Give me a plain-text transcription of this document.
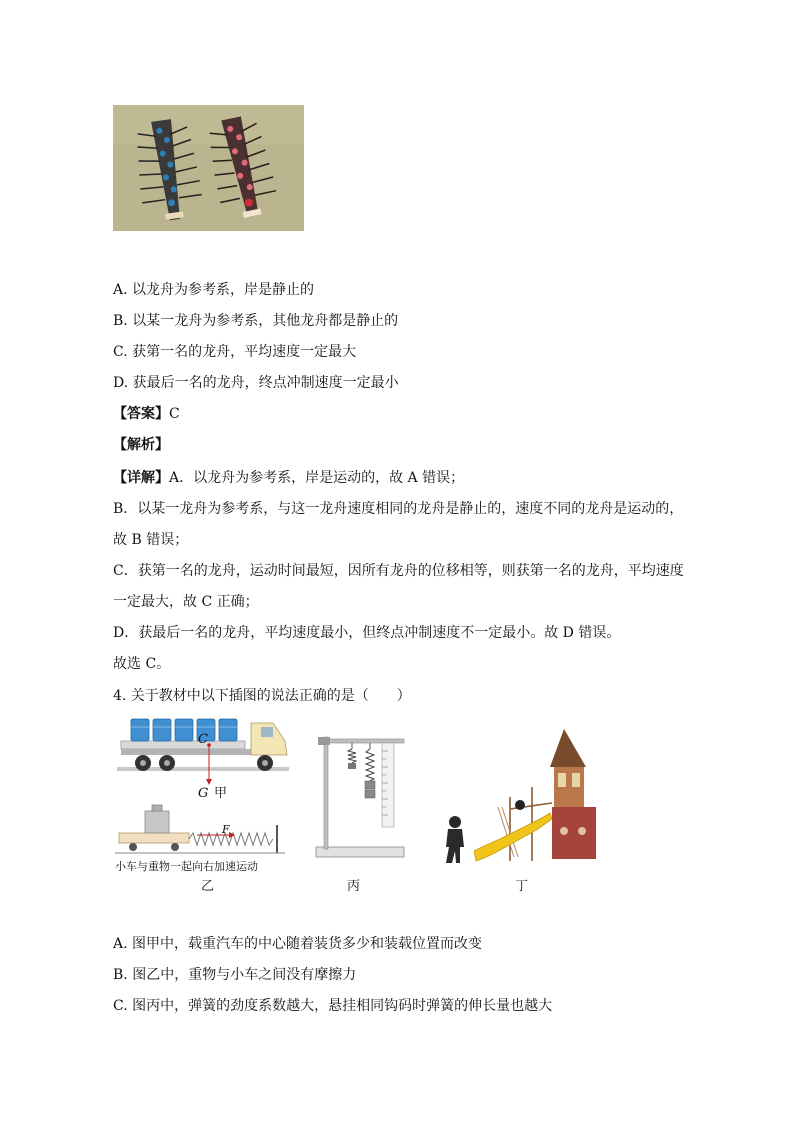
A. 以龙舟为参考系，岸是静止的
B. 以某一龙舟为参考系，其他龙舟都是静止的
C. 获第一名的龙舟，平均速度一定最大
D. 获最后一名的龙舟，终点冲制速度一定最小
【答案】C
【解析】
【详解】A．以龙舟为参考系，岸是运动的，故 A 错误；
B．以某一龙舟为参考系，与这一龙舟速度相同的龙舟是静止的，速度不同的龙舟是运动的，
故 B 错误；
C．获第一名的龙舟，运动时间最短，因所有龙舟的位移相等，则获第一名的龙舟，平均速度
一定最大，故 C 正确；
D．获最后一名的龙舟，平均速度最小，但终点冲制速度不一定最小。故 D 错误。
故选 C。
4. 关于教材中以下插图的说法正确的是（　　）
C
G 甲
F
小车与重物一起向右加速运动
乙	丙	丁
A. 图甲中，载重汽车的中心随着装货多少和装载位置而改变
B. 图乙中，重物与小车之间没有摩擦力
C. 图丙中，弹簧的劲度系数越大，悬挂相同钩码时弹簧的伸长量也越大
